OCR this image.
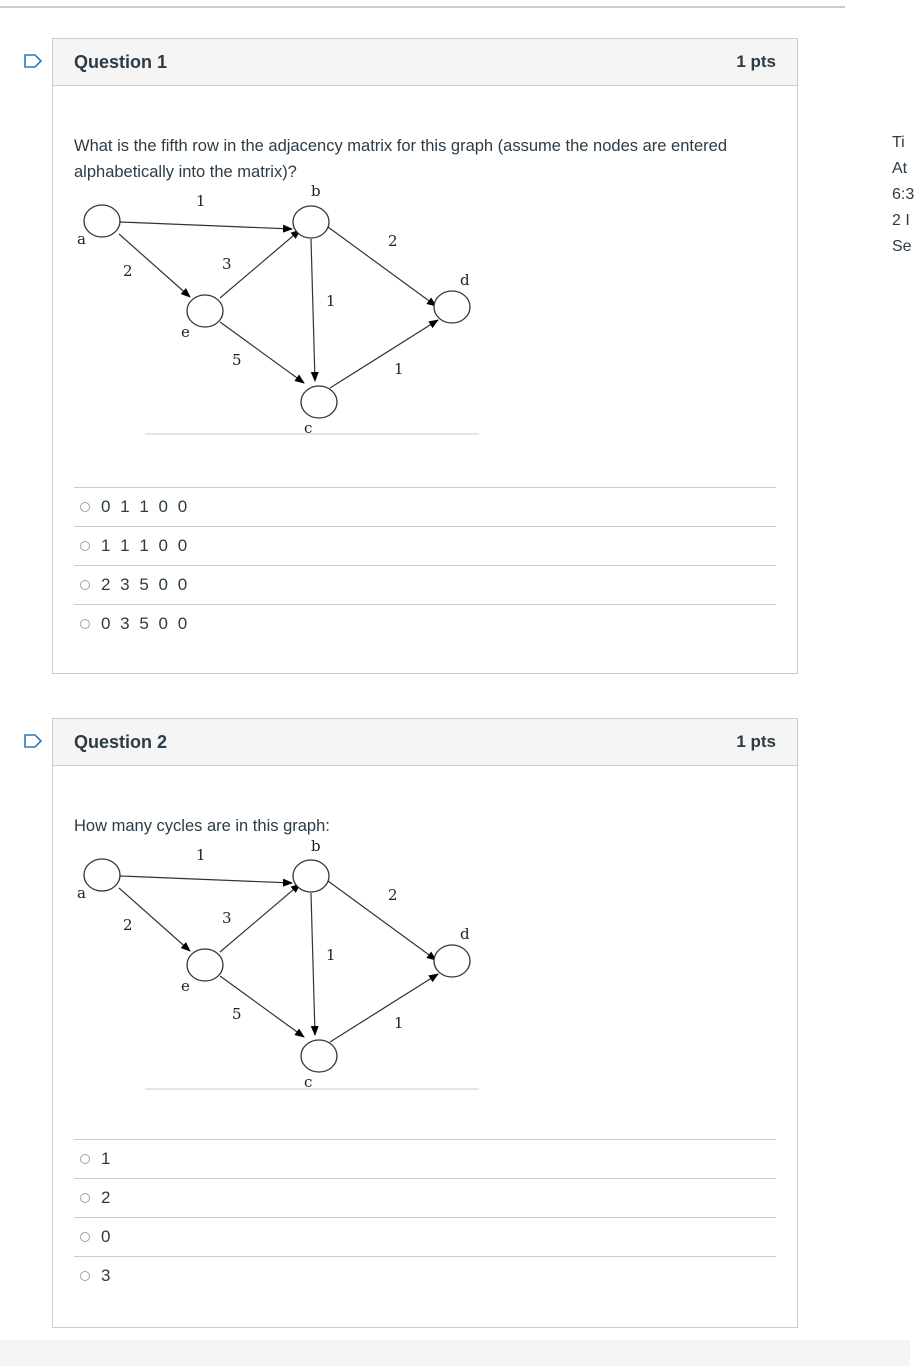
Question 1	1 pts

What is the fifth row in the adjacency matrix for this graph (assume the nodes are entered alphabetically into the matrix)?

a
b
c
d
e
1
2	3
5
1
2
1
0 1 1 0 0
1 1 1 0 0
2 3 5 0 0
0 3 5 0 0
Question 2	1 pts

How many cycles are in this graph:

a
b
c
d
e
1
2	3
5
1
2
1
1
2
0
3
Ti
At
6:3
2 I
Se
